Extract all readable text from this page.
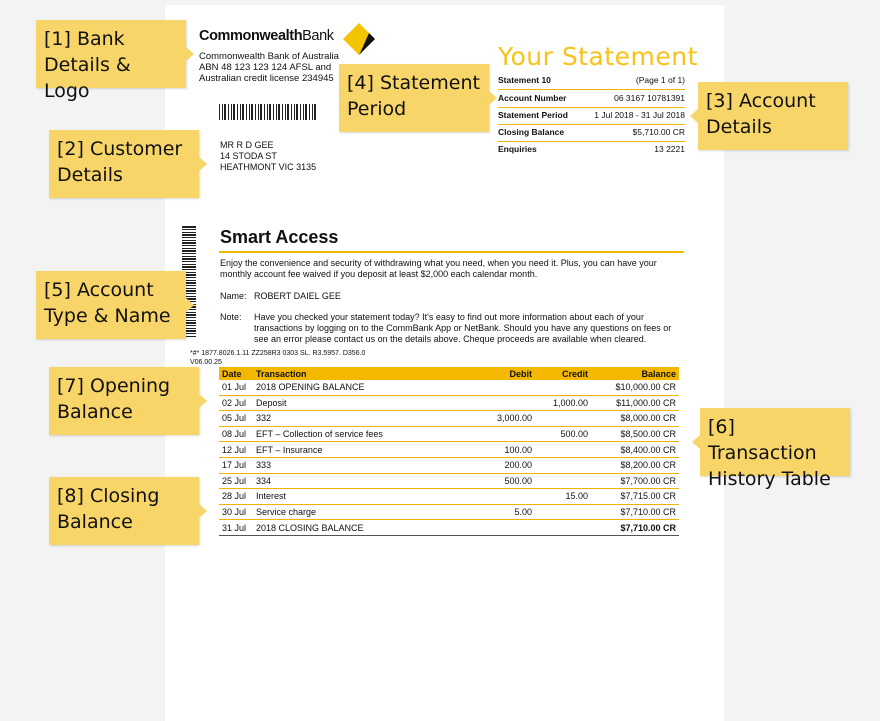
CommonwealthBank
Commonwealth Bank of Australia
ABN 48 123 123 124 AFSL and
Australian credit license 234945
MR R D GEE
14 STODA ST
HEATHMONT VIC 3135
Your Statement
Statement 10	(Page 1 of 1)
Account Number	06 3167 10781391
Statement Period	1 Jul 2018 - 31 Jul 2018
Closing Balance	$5,710.00 CR
Enquiries	13 2221
Smart Access
Enjoy the convenience and security of withdrawing what you need, when you need it. Plus, you can have your monthly account fee waived if you deposit at least $2,000 each calendar month.
Name: ROBERT DAIEL GEE
Note: Have you checked your statement today? It's easy to find out more information about each of your transactions by logging on to the CommBank App or NetBank. Should you have any questions on fees or see an error please contact us on the details above. Cheque proceeds are available when cleared.
*#* 1877.8026.1.11 ZZ258R3 0303 SL. R3.5957. D356.0
V06.00.25
Date	Transaction	Debit	Credit	Balance
01 Jul	2018 OPENING BALANCE			$10,000.00 CR
02 Jul	Deposit		1,000.00	$11,000.00 CR
05 Jul	332	3,000.00		$8,000.00 CR
08 Jul	EFT – Collection of service fees		500.00	$8,500.00 CR
12 Jul	EFT – Insurance	100.00		$8,400.00 CR
17 Jul	333	200.00		$8,200.00 CR
25 Jul	334	500.00		$7,700.00 CR
28 Jul	Interest		15.00	$7,715.00 CR
30 Jul	Service charge	5.00		$7,710.00 CR
31 Jul	2018 CLOSING BALANCE			$7,710.00 CR
[1] Bank Details & Logo
[2] Customer Details
[4] Statement Period	[3] Account Details
[5] Account Type & Name
[7] Opening Balance
[6] Transaction History Table
[8] Closing Balance
